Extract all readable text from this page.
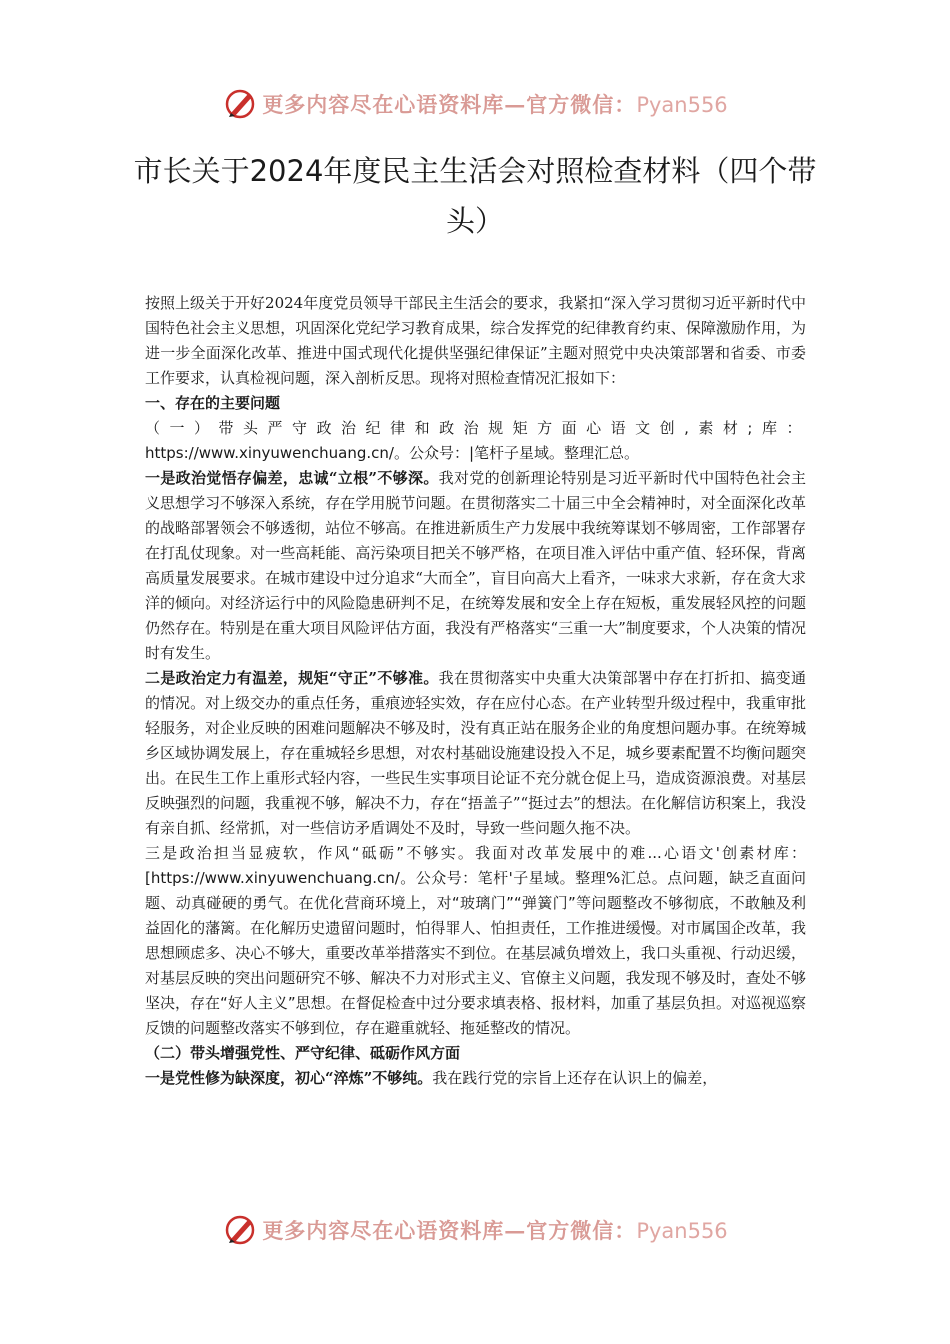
更多内容尽在心语资料库—官方微信：Pyan556
市长关于2024年度民主生活会对照检查材料（四个带头）

按照上级关于开好2024年度党员领导干部民主生活会的要求，我紧扣“深入学习贯彻习近平新时代中国特色社会主义思想，巩固深化党纪学习教育成果，综合发挥党的纪律教育约束、保障激励作用，为进一步全面深化改革、推进中国式现代化提供坚强纪律保证”主题对照党中央决策部署和省委、市委工作要求，认真检视问题，深入剖析反思。现将对照检查情况汇报如下：

一、存在的主要问题

（一）带头严守政治纪律和政治规矩方面心语文创,素材;库： https://www.xinyuwenchuang.cn/。公众号：|笔杆子星域。整理汇总。

一是政治觉悟存偏差，忠诚“立根”不够深。我对党的创新理论特别是习近平新时代中国特色社会主义思想学习不够深入系统，存在学用脱节问题。在贯彻落实二十届三中全会精神时，对全面深化改革的战略部署领会不够透彻，站位不够高。在推进新质生产力发展中我统筹谋划不够周密，工作部署存在打乱仗现象。对一些高耗能、高污染项目把关不够严格，在项目准入评估中重产值、轻环保，背离高质量发展要求。在城市建设中过分追求“大而全”，盲目向高大上看齐，一味求大求新，存在贪大求洋的倾向。对经济运行中的风险隐患研判不足，在统筹发展和安全上存在短板，重发展轻风控的问题仍然存在。特别是在重大项目风险评估方面，我没有严格落实“三重一大”制度要求，个人决策的情况时有发生。

二是政治定力有温差，规矩“守正”不够准。我在贯彻落实中央重大决策部署中存在打折扣、搞变通的情况。对上级交办的重点任务，重痕迹轻实效，存在应付心态。在产业转型升级过程中，我重审批轻服务，对企业反映的困难问题解决不够及时，没有真正站在服务企业的角度想问题办事。在统筹城乡区域协调发展上，存在重城轻乡思想，对农村基础设施建设投入不足，城乡要素配置不均衡问题突出。在民生工作上重形式轻内容，一些民生实事项目论证不充分就仓促上马，造成资源浪费。对基层反映强烈的问题，我重视不够，解决不力，存在“捂盖子”“挺过去”的想法。在化解信访积案上，我没有亲自抓、经常抓，对一些信访矛盾调处不及时，导致一些问题久拖不决。

三是政治担当显疲软，作风“砥砺”不够实。我面对改革发展中的难...心语文'创素材库：[https://www.xinyuwenchuang.cn/。公众号：笔杆'子星域。整理%汇总。点问题，缺乏直面问题、动真碰硬的勇气。在优化营商环境上，对“玻璃门”“弹簧门”等问题整改不够彻底，不敢触及利益固化的藩篱。在化解历史遗留问题时，怕得罪人、怕担责任，工作推进缓慢。对市属国企改革，我思想顾虑多、决心不够大，重要改革举措落实不到位。在基层减负增效上，我口头重视、行动迟缓，对基层反映的突出问题研究不够、解决不力对形式主义、官僚主义问题，我发现不够及时，查处不够坚决，存在“好人主义”思想。在督促检查中过分要求填表格、报材料，加重了基层负担。对巡视巡察反馈的问题整改落实不够到位，存在避重就轻、拖延整改的情况。

（二）带头增强党性、严守纪律、砥砺作风方面

一是党性修为缺深度，初心“淬炼”不够纯。我在践行党的宗旨上还存在认识上的偏差，

更多内容尽在心语资料库—官方微信：Pyan556
